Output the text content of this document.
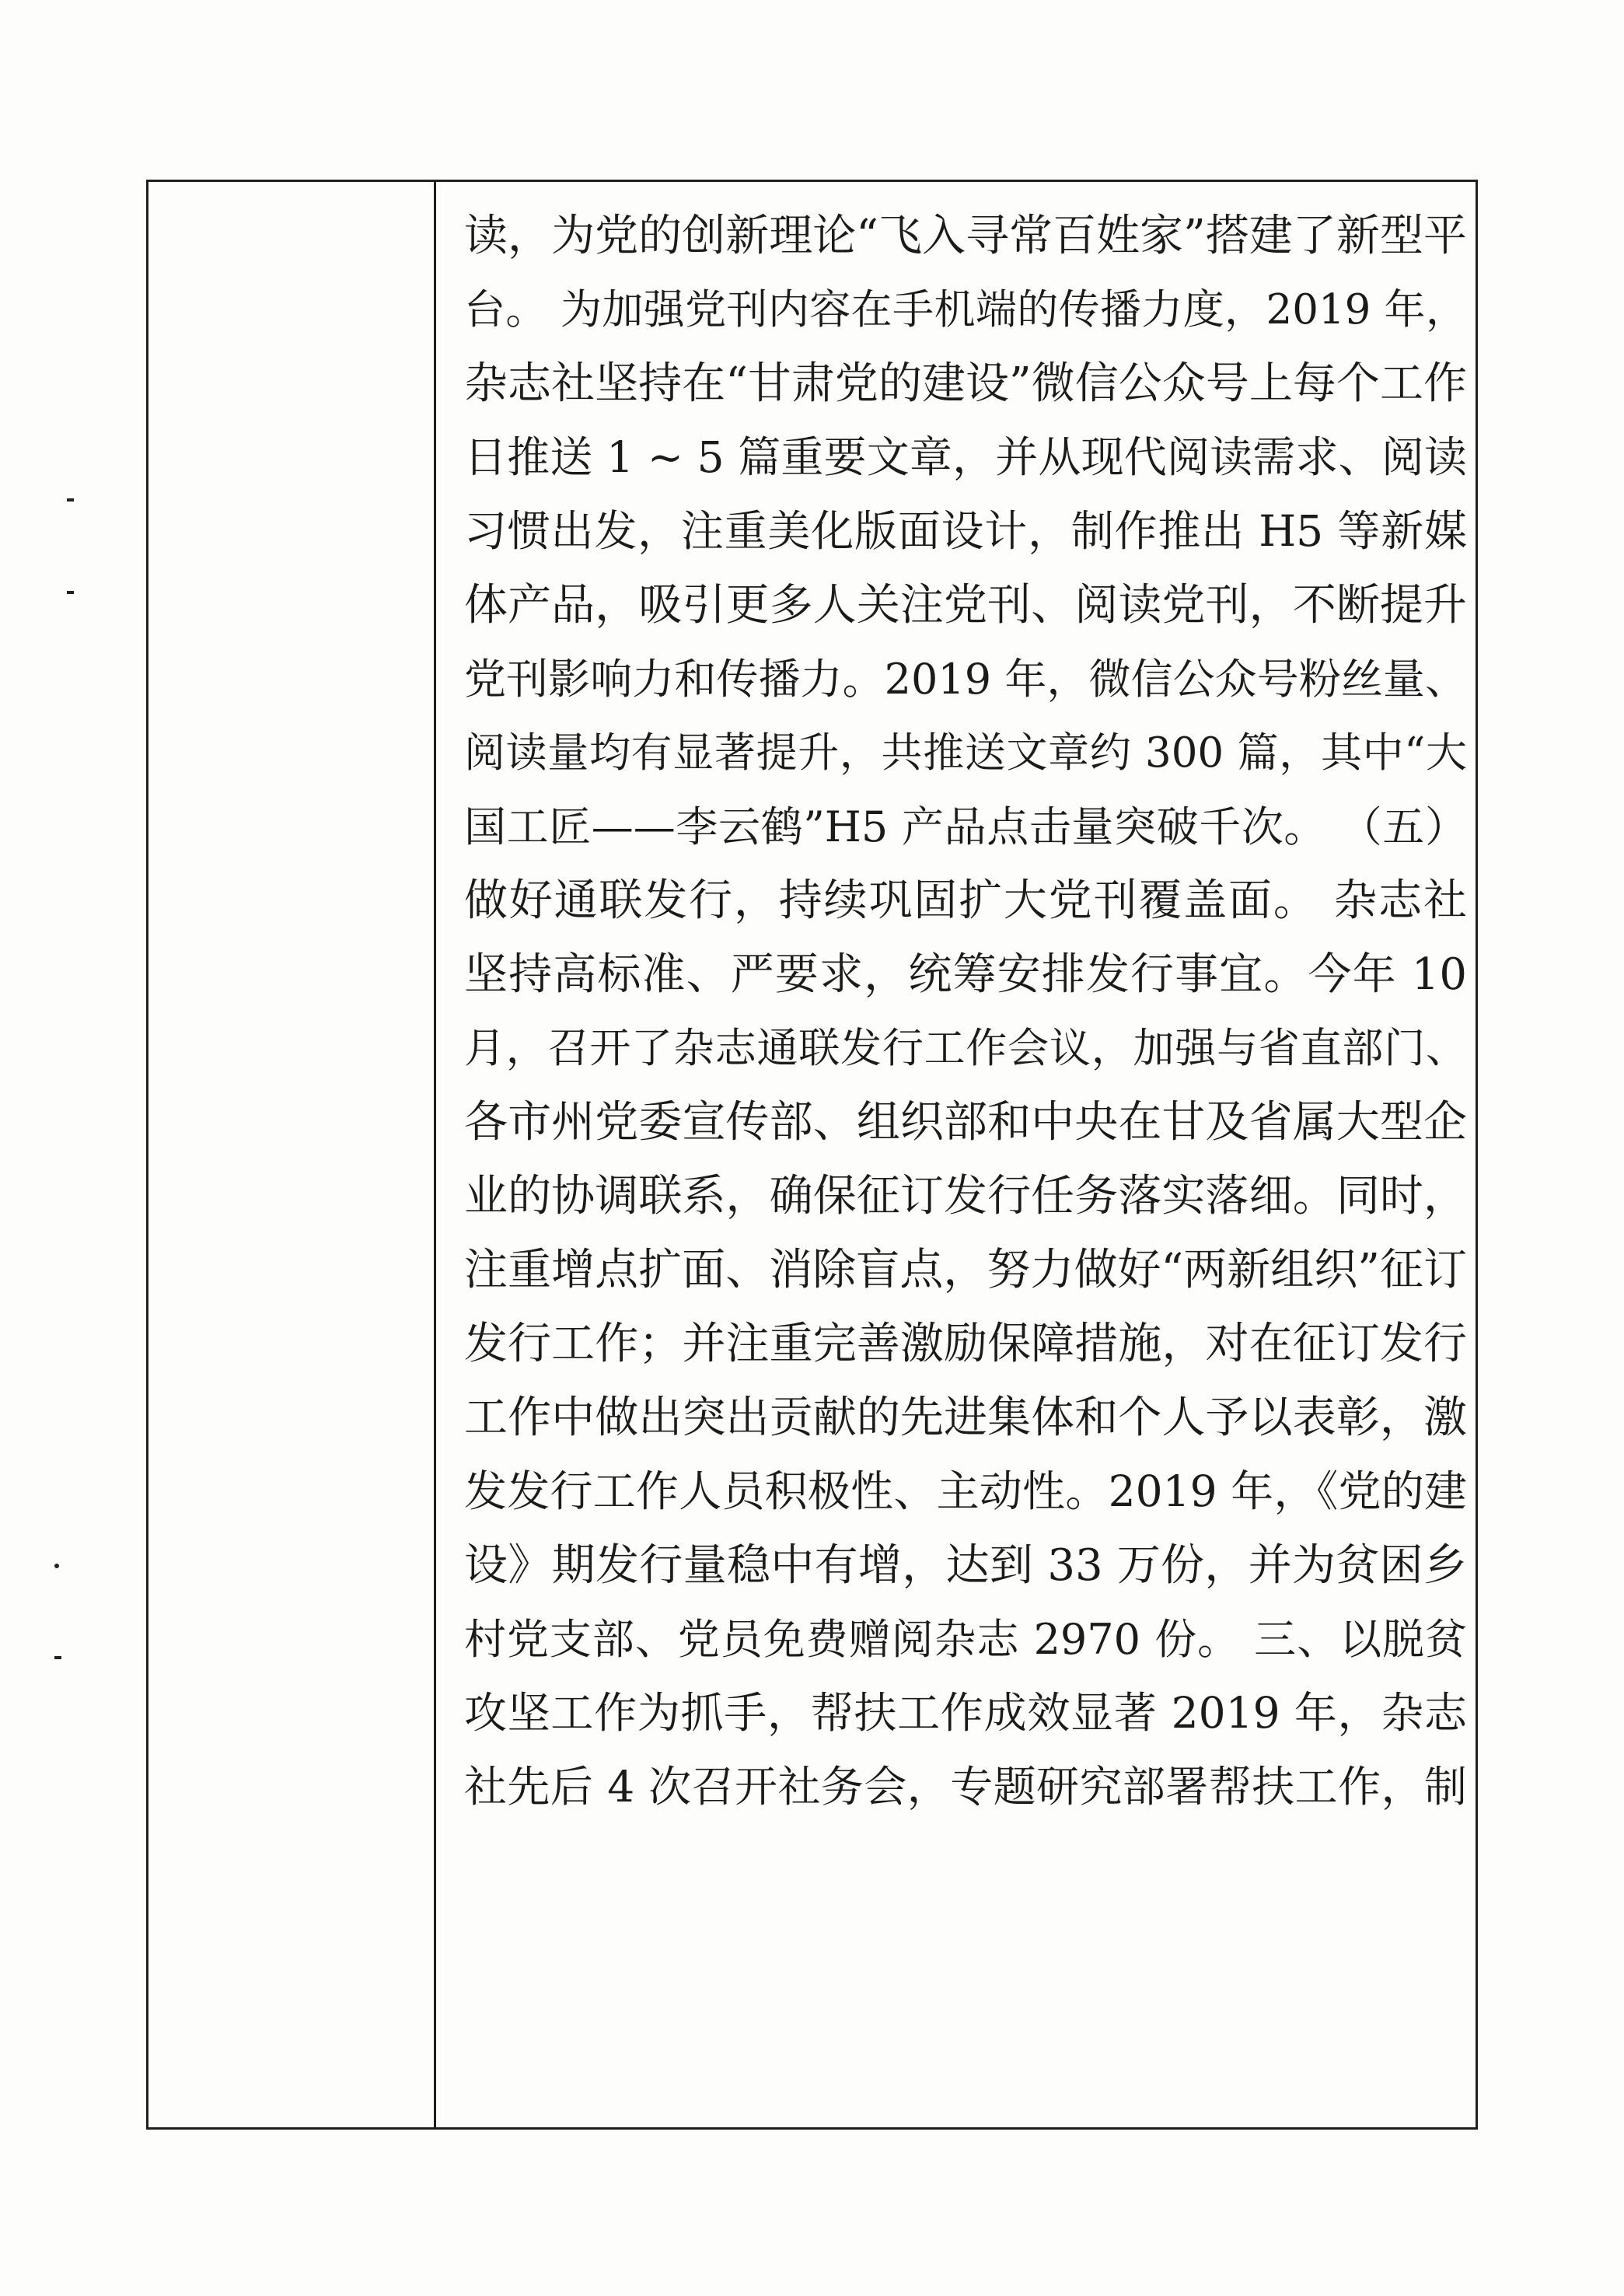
读，为党的创新理论“飞入寻常百姓家”搭建了新型平
台。 为加强党刊内容在手机端的传播力度，2019 年，
杂志社坚持在“甘肃党的建设”微信公众号上每个工作
日推送 1 ~ 5 篇重要文章，并从现代阅读需求、阅读
习惯出发，注重美化版面设计，制作推出 H5 等新媒
体产品，吸引更多人关注党刊、阅读党刊，不断提升
党刊影响力和传播力。2019 年，微信公众号粉丝量、
阅读量均有显著提升，共推送文章约 300 篇，其中“大
国工匠——李云鹤”H5 产品点击量突破千次。 （五）
做好通联发行，持续巩固扩大党刊覆盖面。 杂志社
坚持高标准、严要求，统筹安排发行事宜。今年 10
月，召开了杂志通联发行工作会议，加强与省直部门、
各市州党委宣传部、组织部和中央在甘及省属大型企
业的协调联系，确保征订发行任务落实落细。同时，
注重增点扩面、消除盲点，努力做好“两新组织”征订
发行工作；并注重完善激励保障措施，对在征订发行
工作中做出突出贡献的先进集体和个人予以表彰，激
发发行工作人员积极性、主动性。2019 年，《党的建
设》期发行量稳中有增，达到 33 万份，并为贫困乡
村党支部、党员免费赠阅杂志 2970 份。 三、以脱贫
攻坚工作为抓手，帮扶工作成效显著 2019 年，杂志
社先后 4 次召开社务会，专题研究部署帮扶工作，制
